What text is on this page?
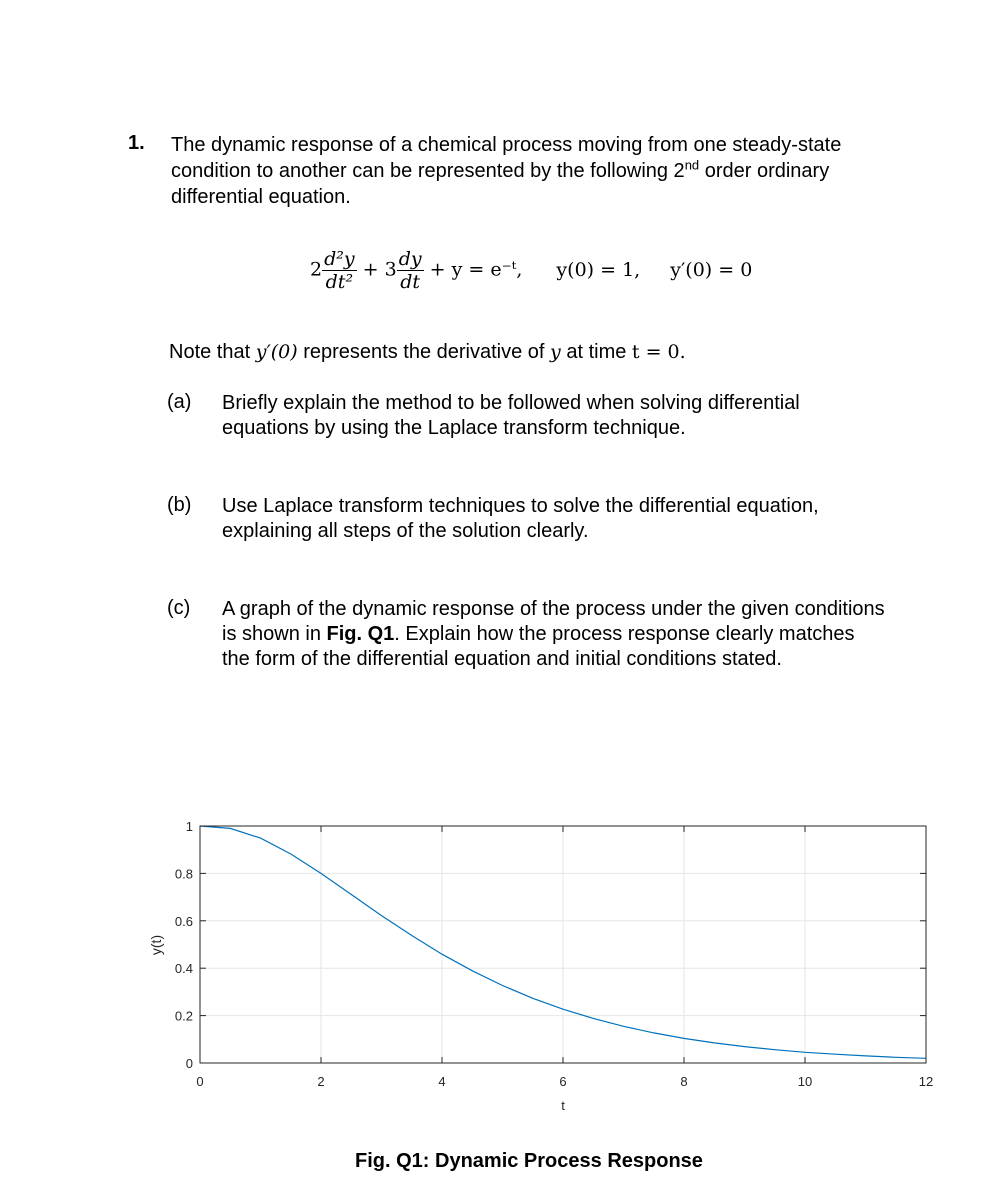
1. The dynamic response of a chemical process moving from one steady-state
condition to another can be represented by the following 2nd order ordinary
differential equation.
$2 \frac{\text{d²y}}{\text{dt²}} + 3 \frac{dy}{dt} + y$ = e⁻ᵗ, y(0) = 1, y′(0) = 0
Note that y′(0) represents the derivative of y at time t = 0.
(a) Briefly explain the method to be followed when solving differential
equations by using the Laplace transform technique.
(b) Use Laplace transform techniques to solve the differential equation,
explaining all steps of the solution clearly.
(c) A graph of the dynamic response of the process under the given conditions
is shown in Fig. Q1. Explain how the process response clearly matches
the form of the differential equation and initial conditions stated.
0	2	4	6	8	10	12
0
0.2
0.4
0.6
0.8
1
t
y(t)
Fig. Q1: Dynamic Process Response
